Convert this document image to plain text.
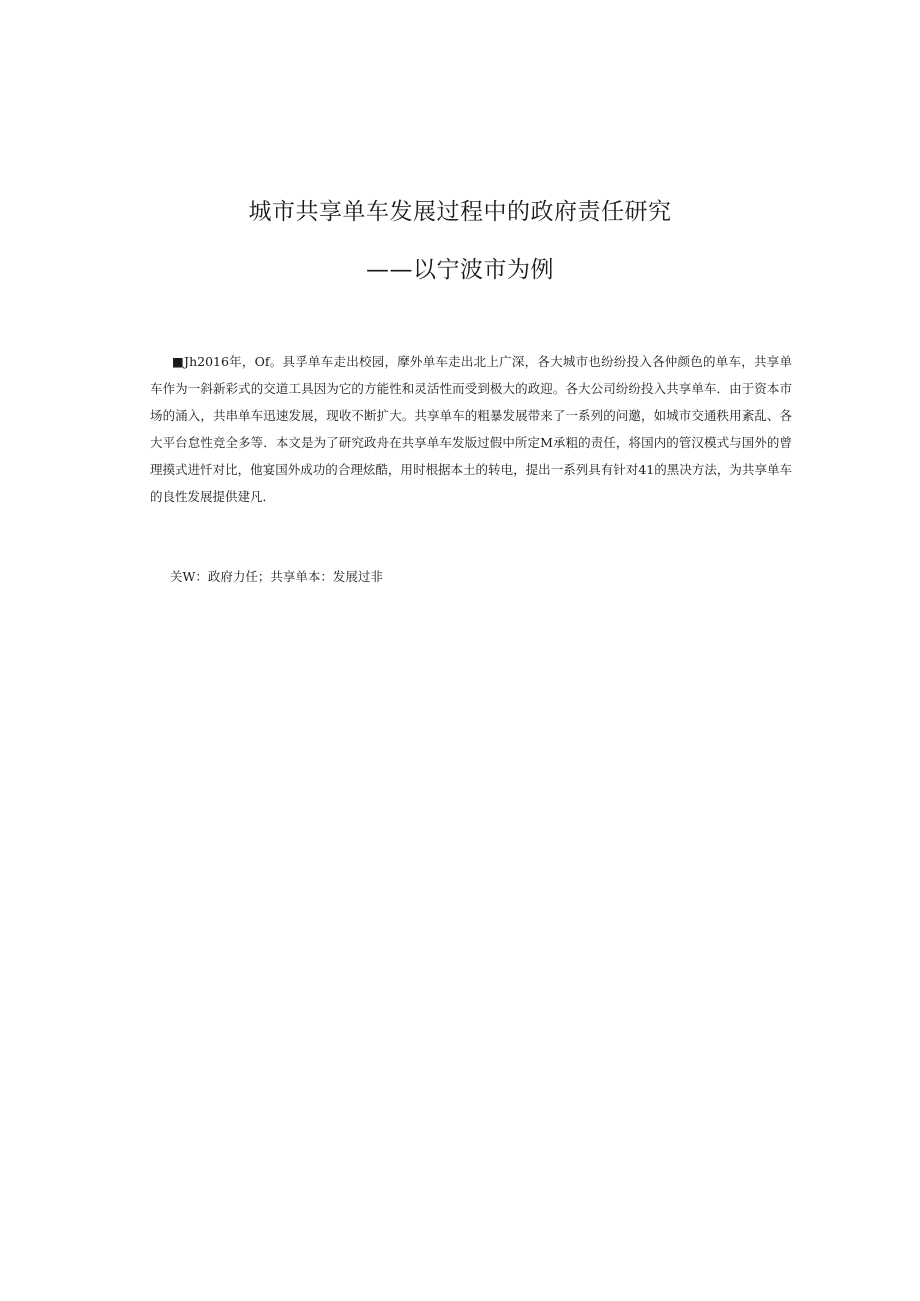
城市共享单车发展过程中的政府责任研究
——以宁波市为例

■Jh2016年，Of。具孚单车走出校园，摩外单车走出北上广深，各大城市也纷纷投入各仲颜色的单车，共享单车作为一斜新彩式的交道工具因为它的方能性和灵活性而受到极大的政迎。各大公司纷纷投入共享单车．由于资本市场的涌入，共串单车迅速发展，现收不断扩大。共享单车的粗暴发展带来了一系列的问邀，如城市交通秩用紊乱、各大平台怠性竞全多等．本文是为了研究政舟在共享单车发版过假中所定M承粗的责任，将国内的管汉模式与国外的曾理摸式进忏对比，他宴国外成功的合理炫酷，用时根据本土的转电，提出一系列具有针对41的黑决方法，为共享单车的良性发展提供建凡．

关W：政府力任；共享单本：发展过非
